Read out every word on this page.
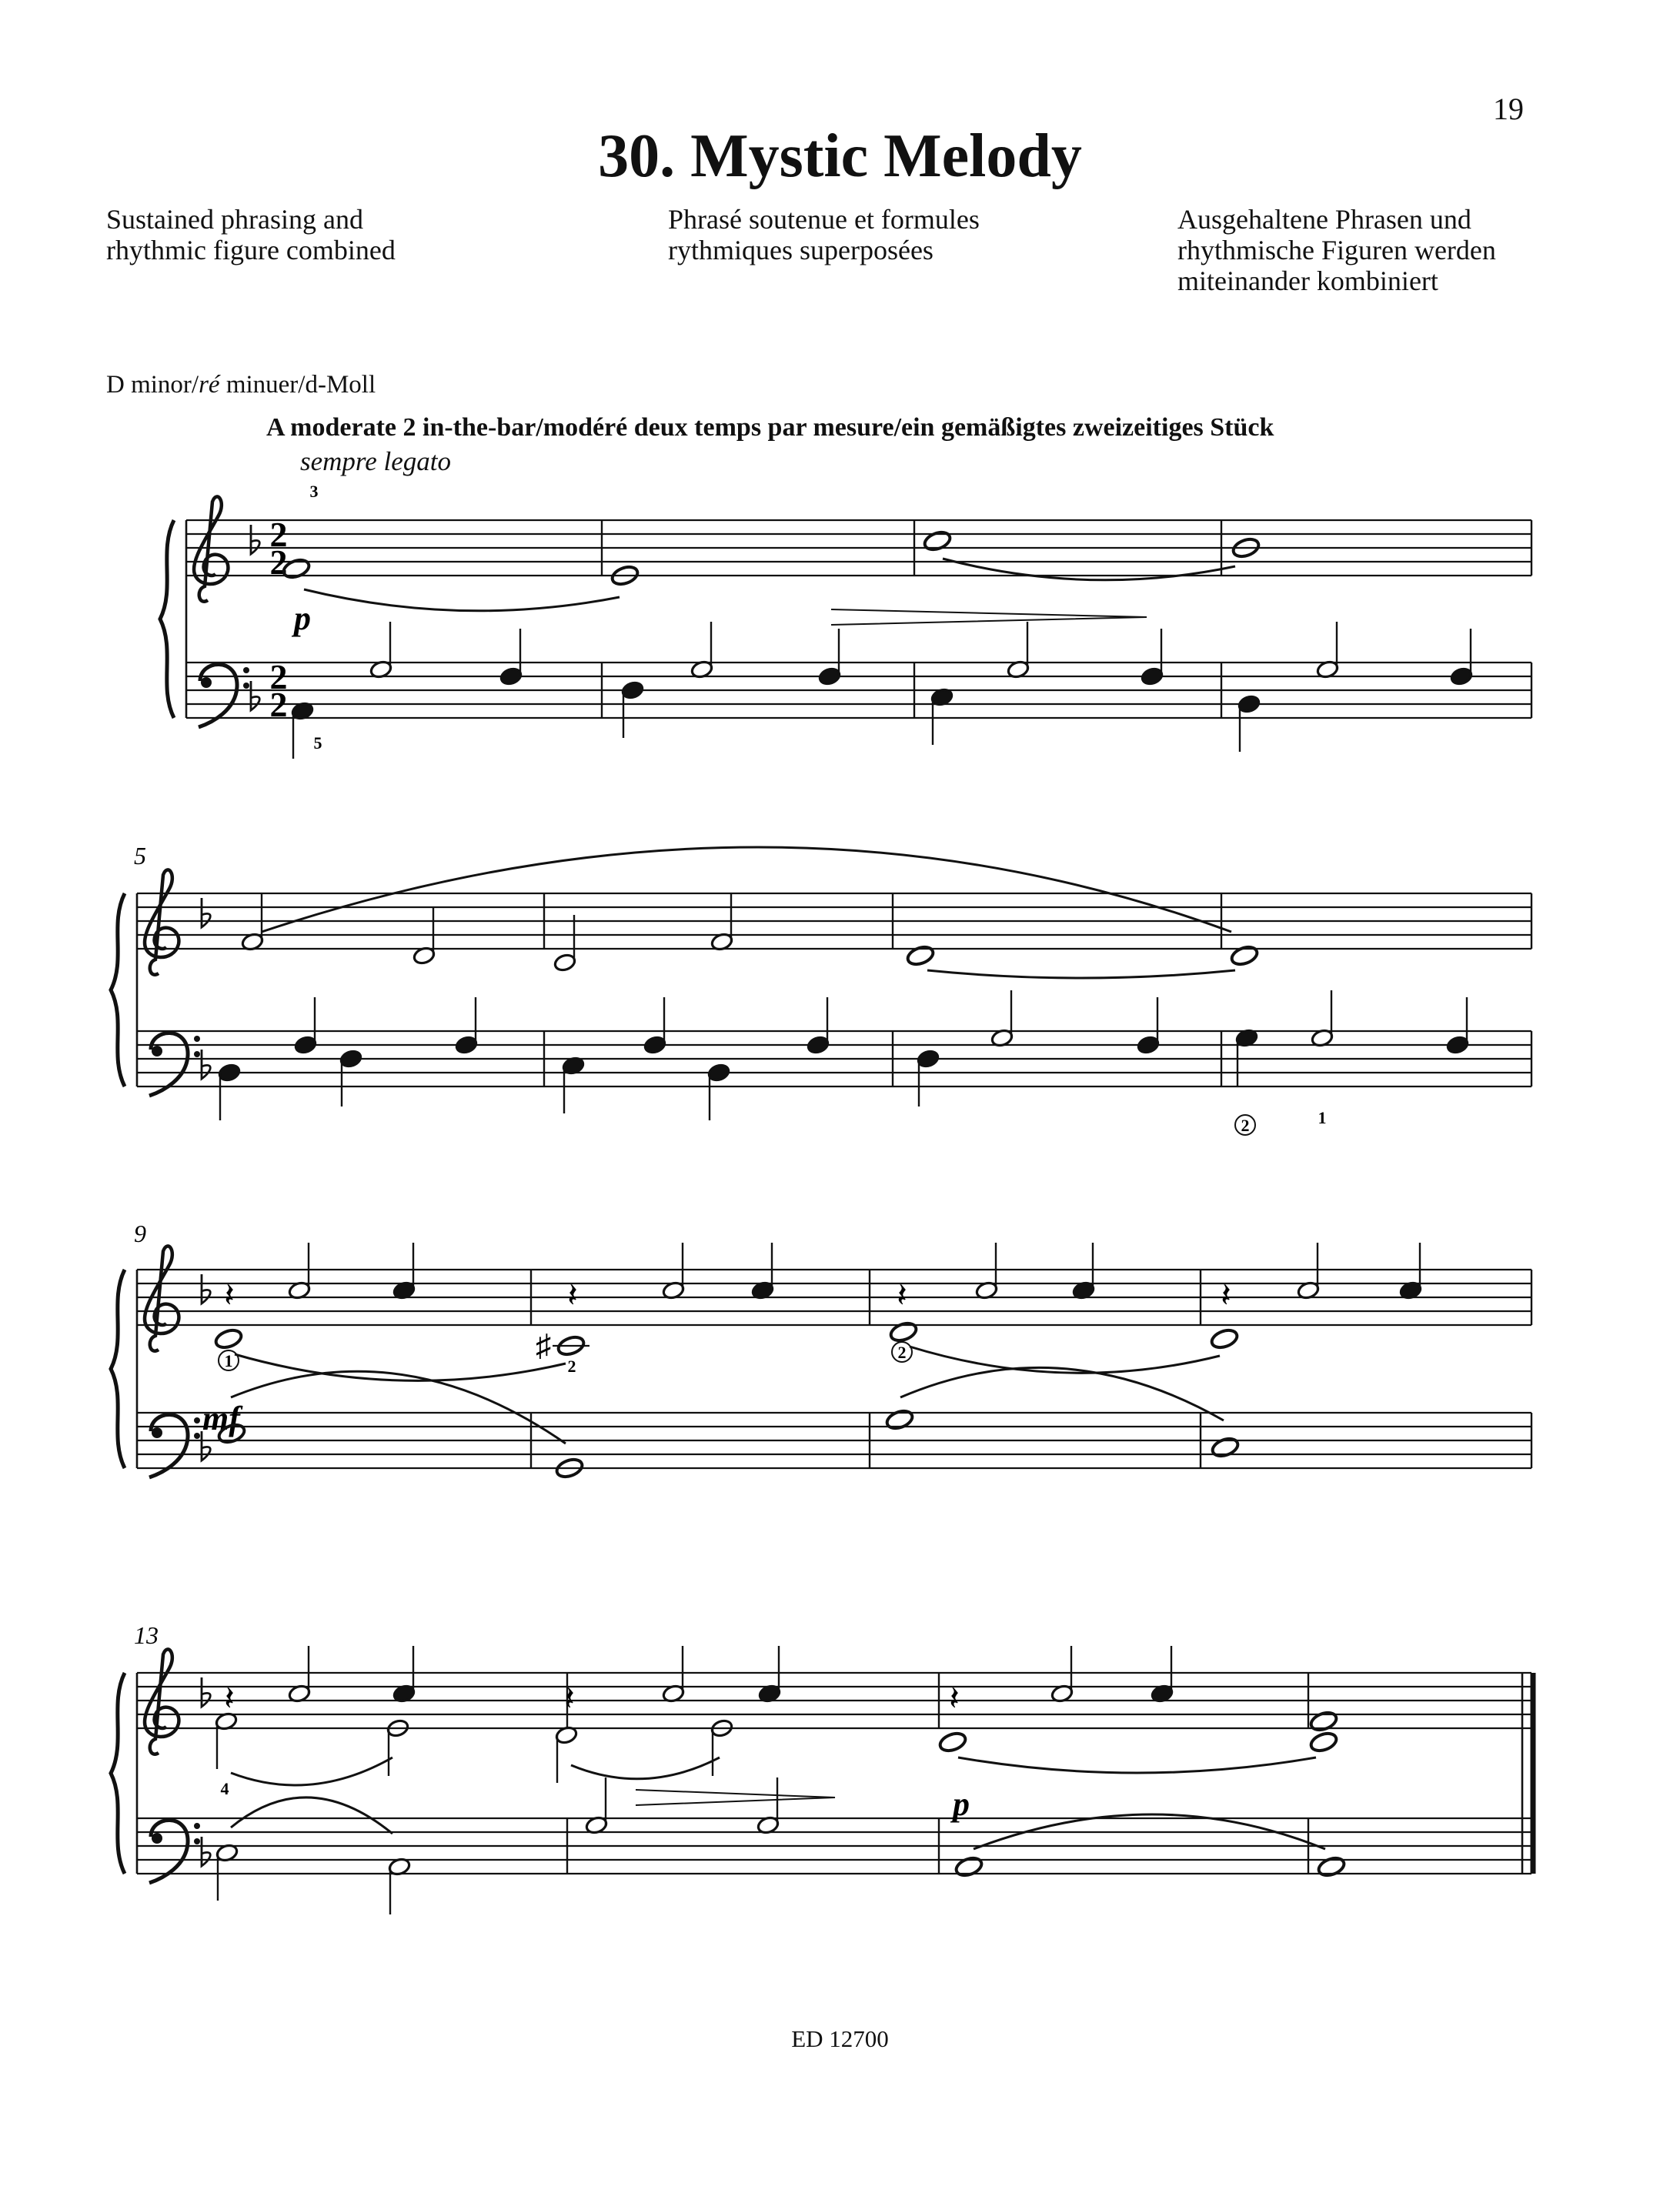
19
30. Mystic Melody
Sustained phrasing and
rhythmic figure combined
Phrasé soutenue et formules
rythmiques superposées
Ausgehaltene Phrasen und
rhythmische Figuren werden
miteinander kombiniert
D minor/ré minuer/d-Moll
A moderate 2 in-the-bar/modéré deux temps par mesure/ein gemäßigtes zweizeitiges Stück
sempre legato
2
2
2
2
3
p
5
5
2	1
9
𝄽	𝄽	𝄽	𝄽
♯
1	2
2
mf
13
𝄽	𝄽	𝄽
4	p
ED 12700
